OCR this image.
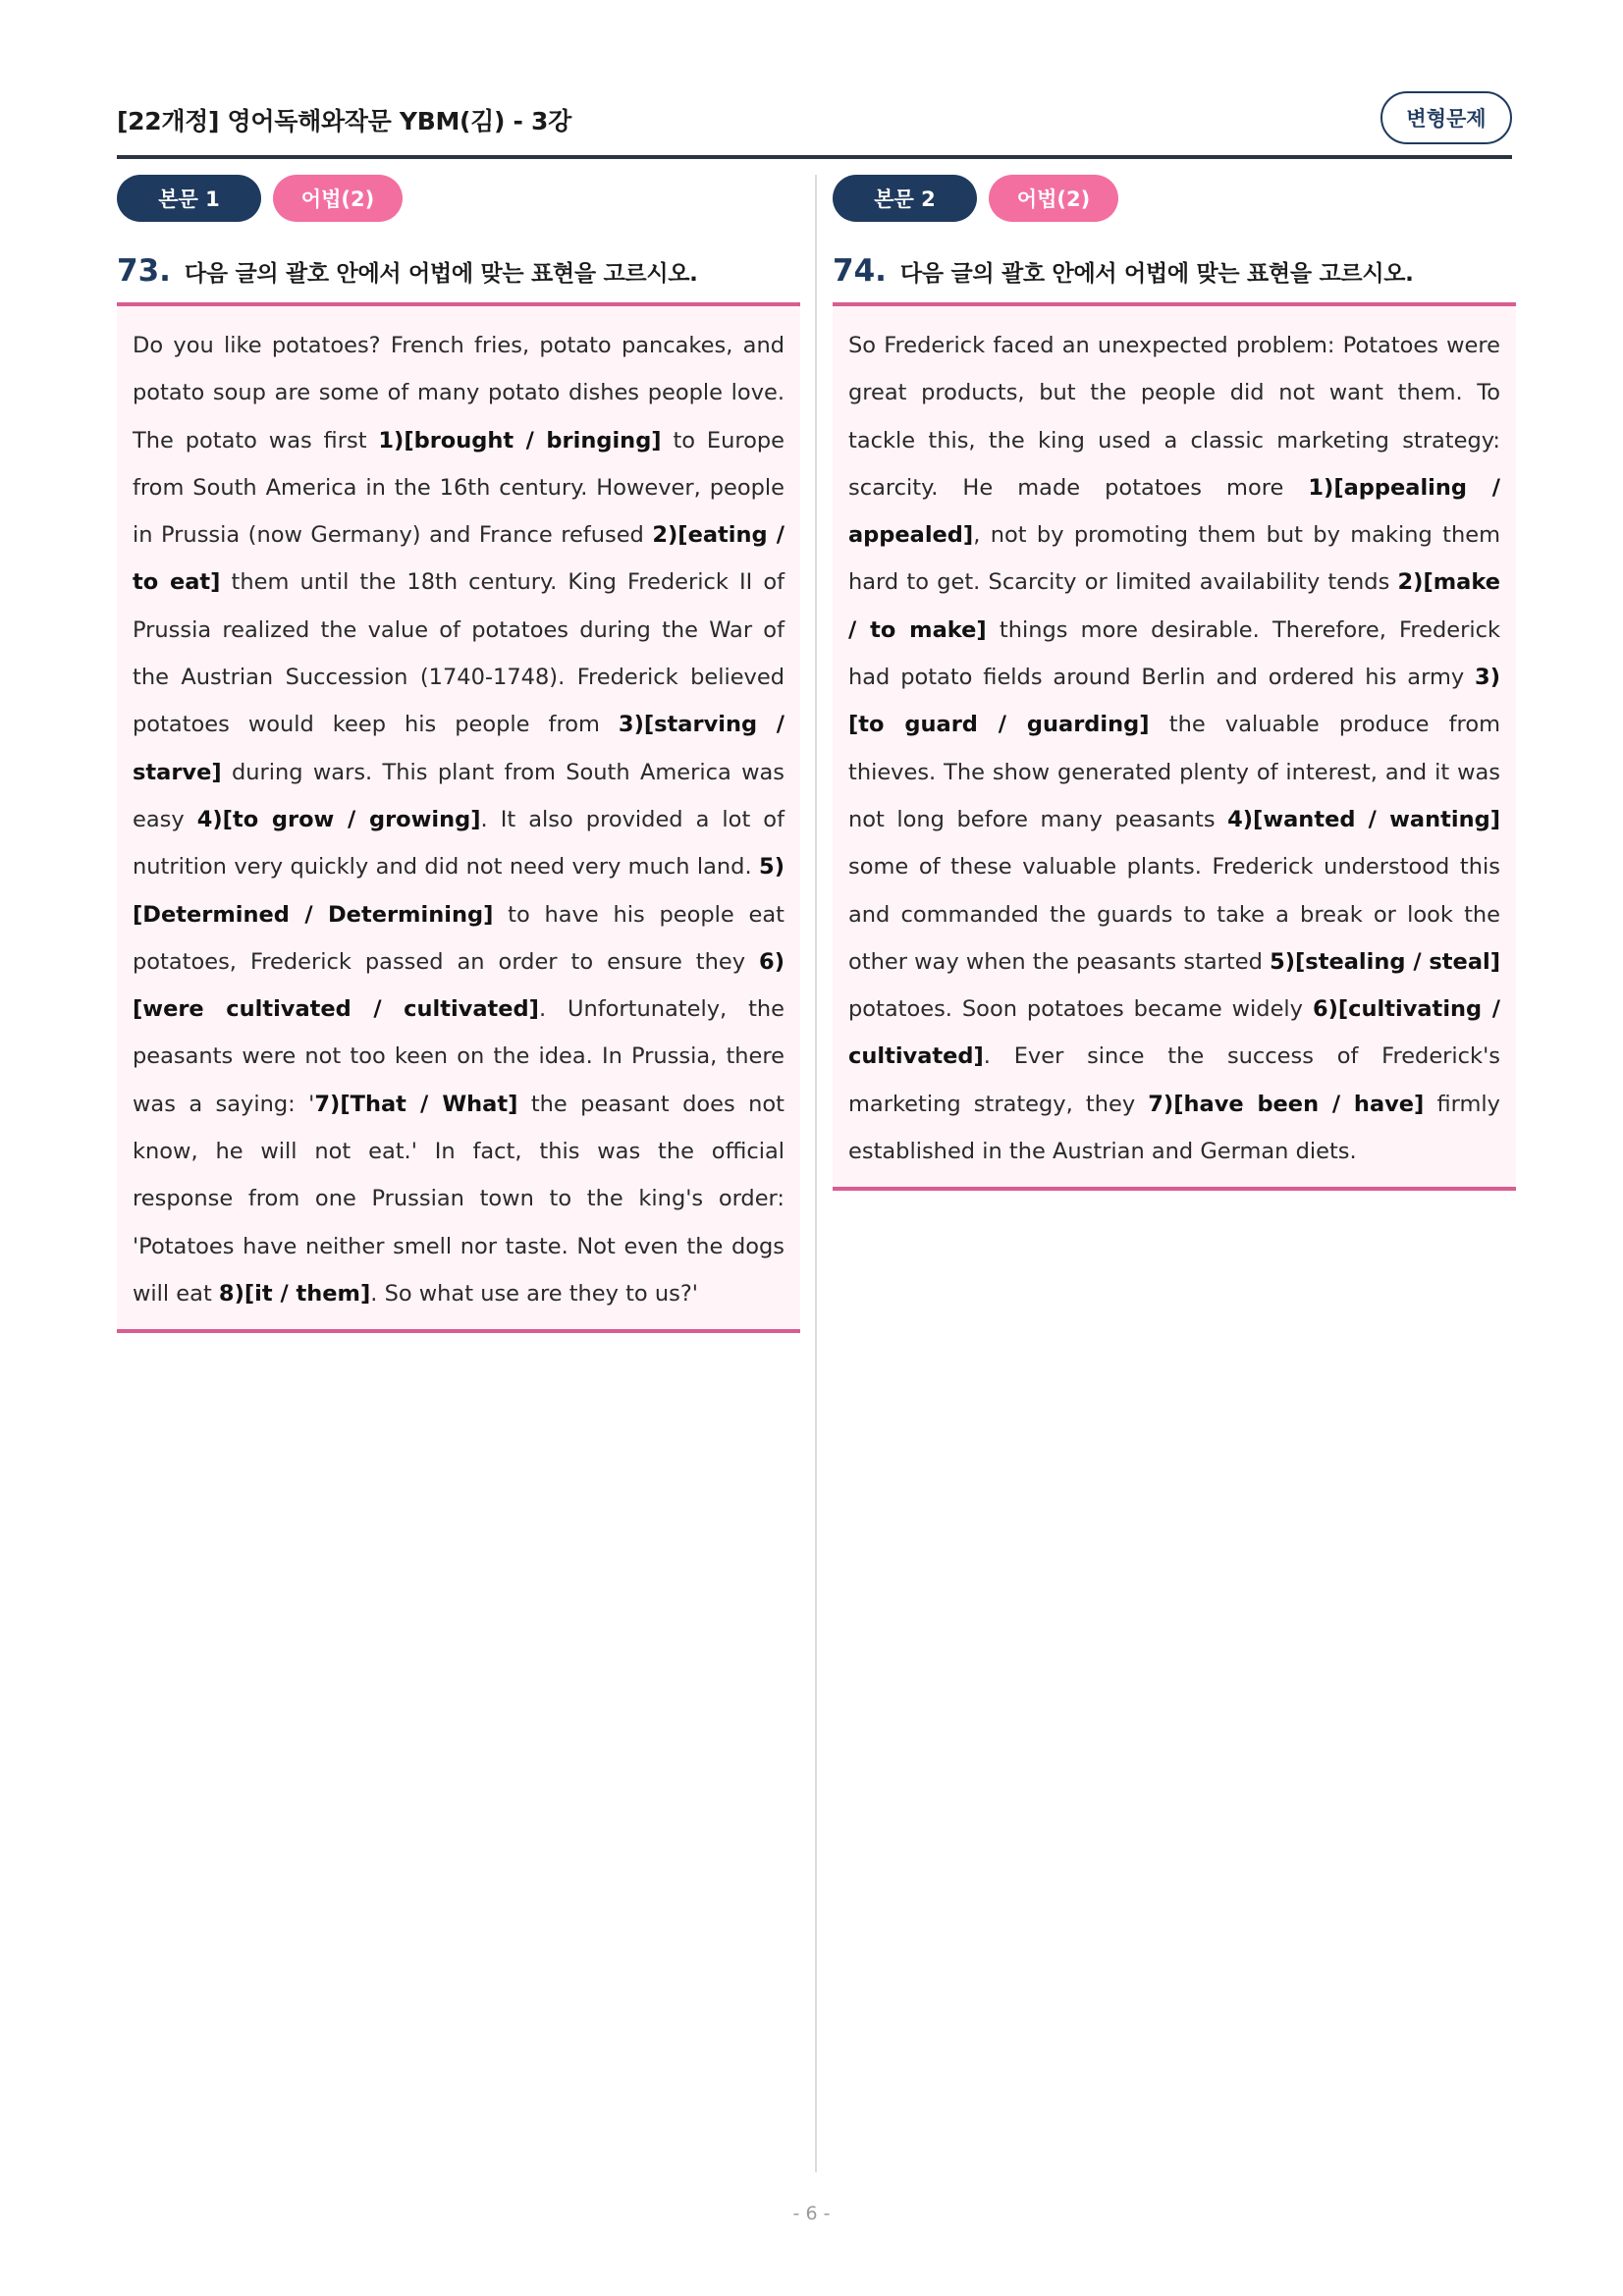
[22개정] 영어독해와작문 YBM(김) - 3강	변형문제
본문 1	어법(2)
73. 다음 글의 괄호 안에서 어법에 맞는 표현을 고르시오.
Do you like potatoes? French fries, potato pancakes, and potato soup are some of many potato dishes people love. The potato was first 1)[brought / bringing] to Europe from South America in the 16th century. However, people in Prussia (now Germany) and France refused 2)[eating / to eat] them until the 18th century. King Frederick II of Prussia realized the value of potatoes during the War of the Austrian Succession (1740-1748). Frederick believed potatoes would keep his people from 3)[starving / starve] during wars. This plant from South America was easy 4)[to grow / growing]. It also provided a lot of nutrition very quickly and did not need very much land. 5)[Determined / Determining] to have his people eat potatoes, Frederick passed an order to ensure they 6)[were cultivated / cultivated]. Unfortunately, the peasants were not too keen on the idea. In Prussia, there was a saying: '7)[That / What] the peasant does not know, he will not eat.' In fact, this was the official response from one Prussian town to the king's order: 'Potatoes have neither smell nor taste. Not even the dogs will eat 8)[it / them]. So what use are they to us?'
본문 2	어법(2)
74. 다음 글의 괄호 안에서 어법에 맞는 표현을 고르시오.
So Frederick faced an unexpected problem: Potatoes were great products, but the people did not want them. To tackle this, the king used a classic marketing strategy: scarcity. He made potatoes more 1)[appealing / appealed], not by promoting them but by making them hard to get. Scarcity or limited availability tends 2)[make / to make] things more desirable. Therefore, Frederick had potato fields around Berlin and ordered his army 3)[to guard / guarding] the valuable produce from thieves. The show generated plenty of interest, and it was not long before many peasants 4)[wanted / wanting] some of these valuable plants. Frederick understood this and commanded the guards to take a break or look the other way when the peasants started 5)[stealing / steal] potatoes. Soon potatoes became widely 6)[cultivating / cultivated]. Ever since the success of Frederick's marketing strategy, they 7)[have been / have] firmly established in the Austrian and German diets.
- 6 -
